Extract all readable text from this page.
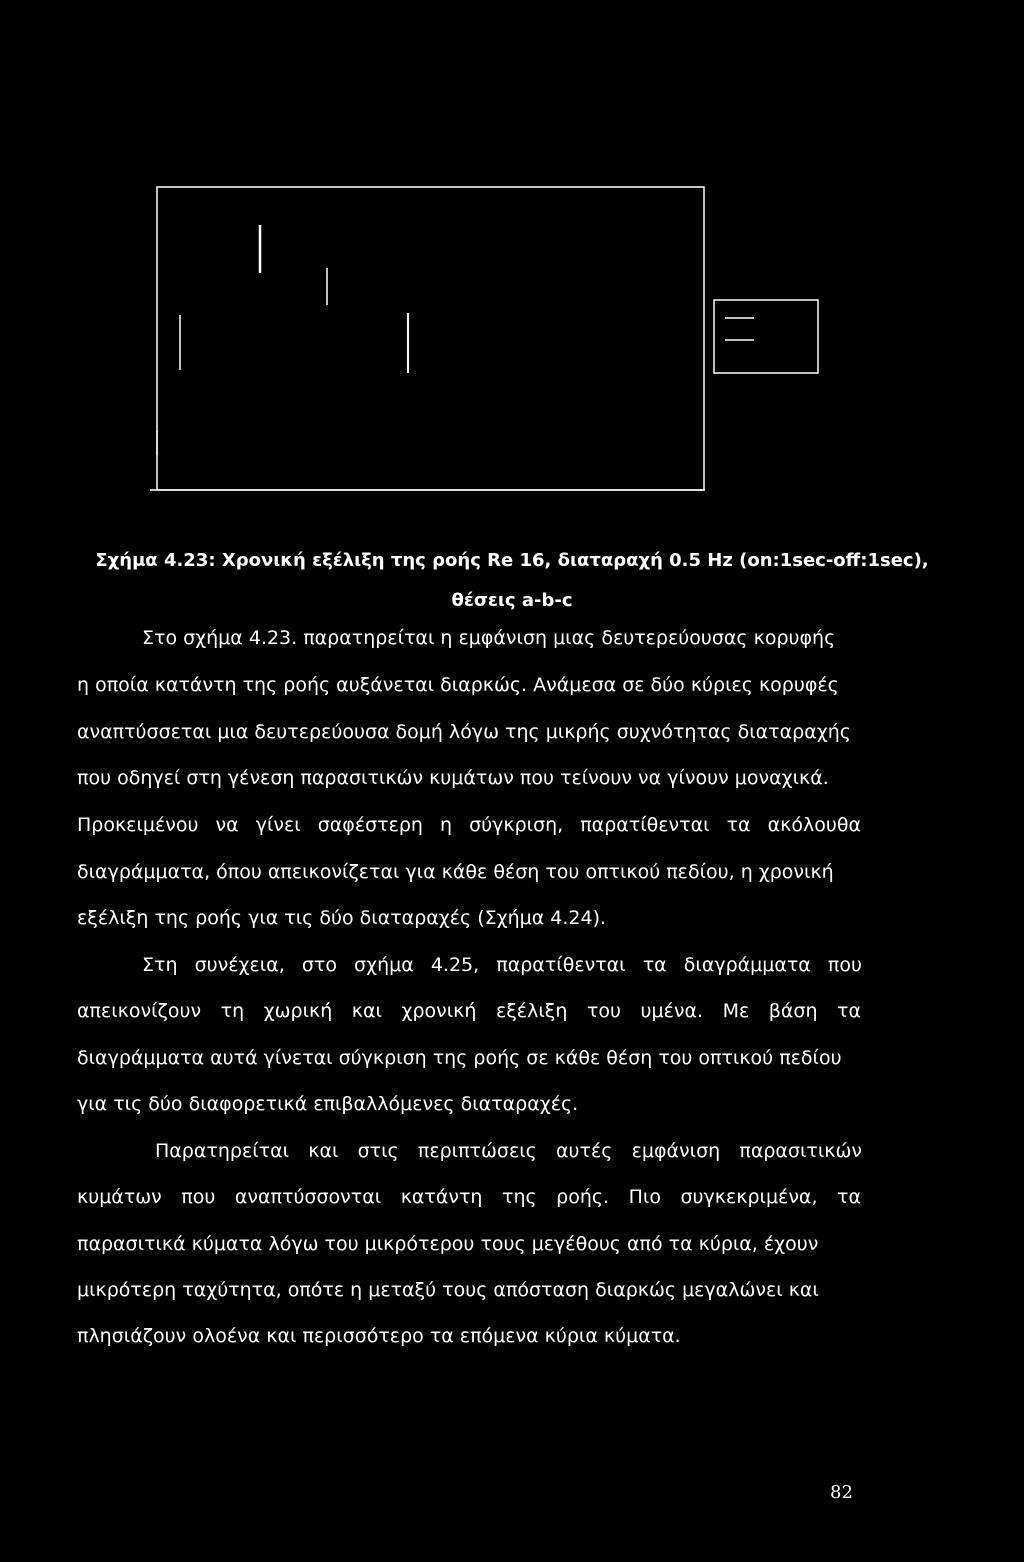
Σχήμα 4.23: Χρονική εξέλιξη της ροής Re 16, διαταραχή 0.5 Hz (on:1sec-off:1sec),
θέσεις a-b-c
Στο σχήμα 4.23. παρατηρείται η εμφάνιση μιας δευτερεύουσας κορυφής
η οποία κατάντη της ροής αυξάνεται διαρκώς. Ανάμεσα σε δύο κύριες κορυφές
αναπτύσσεται μια δευτερεύουσα δομή λόγω της μικρής συχνότητας διαταραχής
που οδηγεί στη γένεση παρασιτικών κυμάτων που τείνουν να γίνουν μοναχικά.
Προκειμένου να γίνει σαφέστερη η σύγκριση, παρατίθενται τα ακόλουθα
διαγράμματα, όπου απεικονίζεται για κάθε θέση του οπτικού πεδίου, η χρονική
εξέλιξη της ροής για τις δύο διαταραχές (Σχήμα 4.24).
Στη συνέχεια, στο σχήμα 4.25, παρατίθενται τα διαγράμματα που
απεικονίζουν τη χωρική και χρονική εξέλιξη του υμένα. Με βάση τα
διαγράμματα αυτά γίνεται σύγκριση της ροής σε κάθε θέση του οπτικού πεδίου
για τις δύο διαφορετικά επιβαλλόμενες διαταραχές.
Παρατηρείται και στις περιπτώσεις αυτές εμφάνιση παρασιτικών
κυμάτων που αναπτύσσονται κατάντη της ροής. Πιο συγκεκριμένα, τα
παρασιτικά κύματα λόγω του μικρότερου τους μεγέθους από τα κύρια, έχουν
μικρότερη ταχύτητα, οπότε η μεταξύ τους απόσταση διαρκώς μεγαλώνει και
πλησιάζουν ολοένα και περισσότερο τα επόμενα κύρια κύματα.
82
